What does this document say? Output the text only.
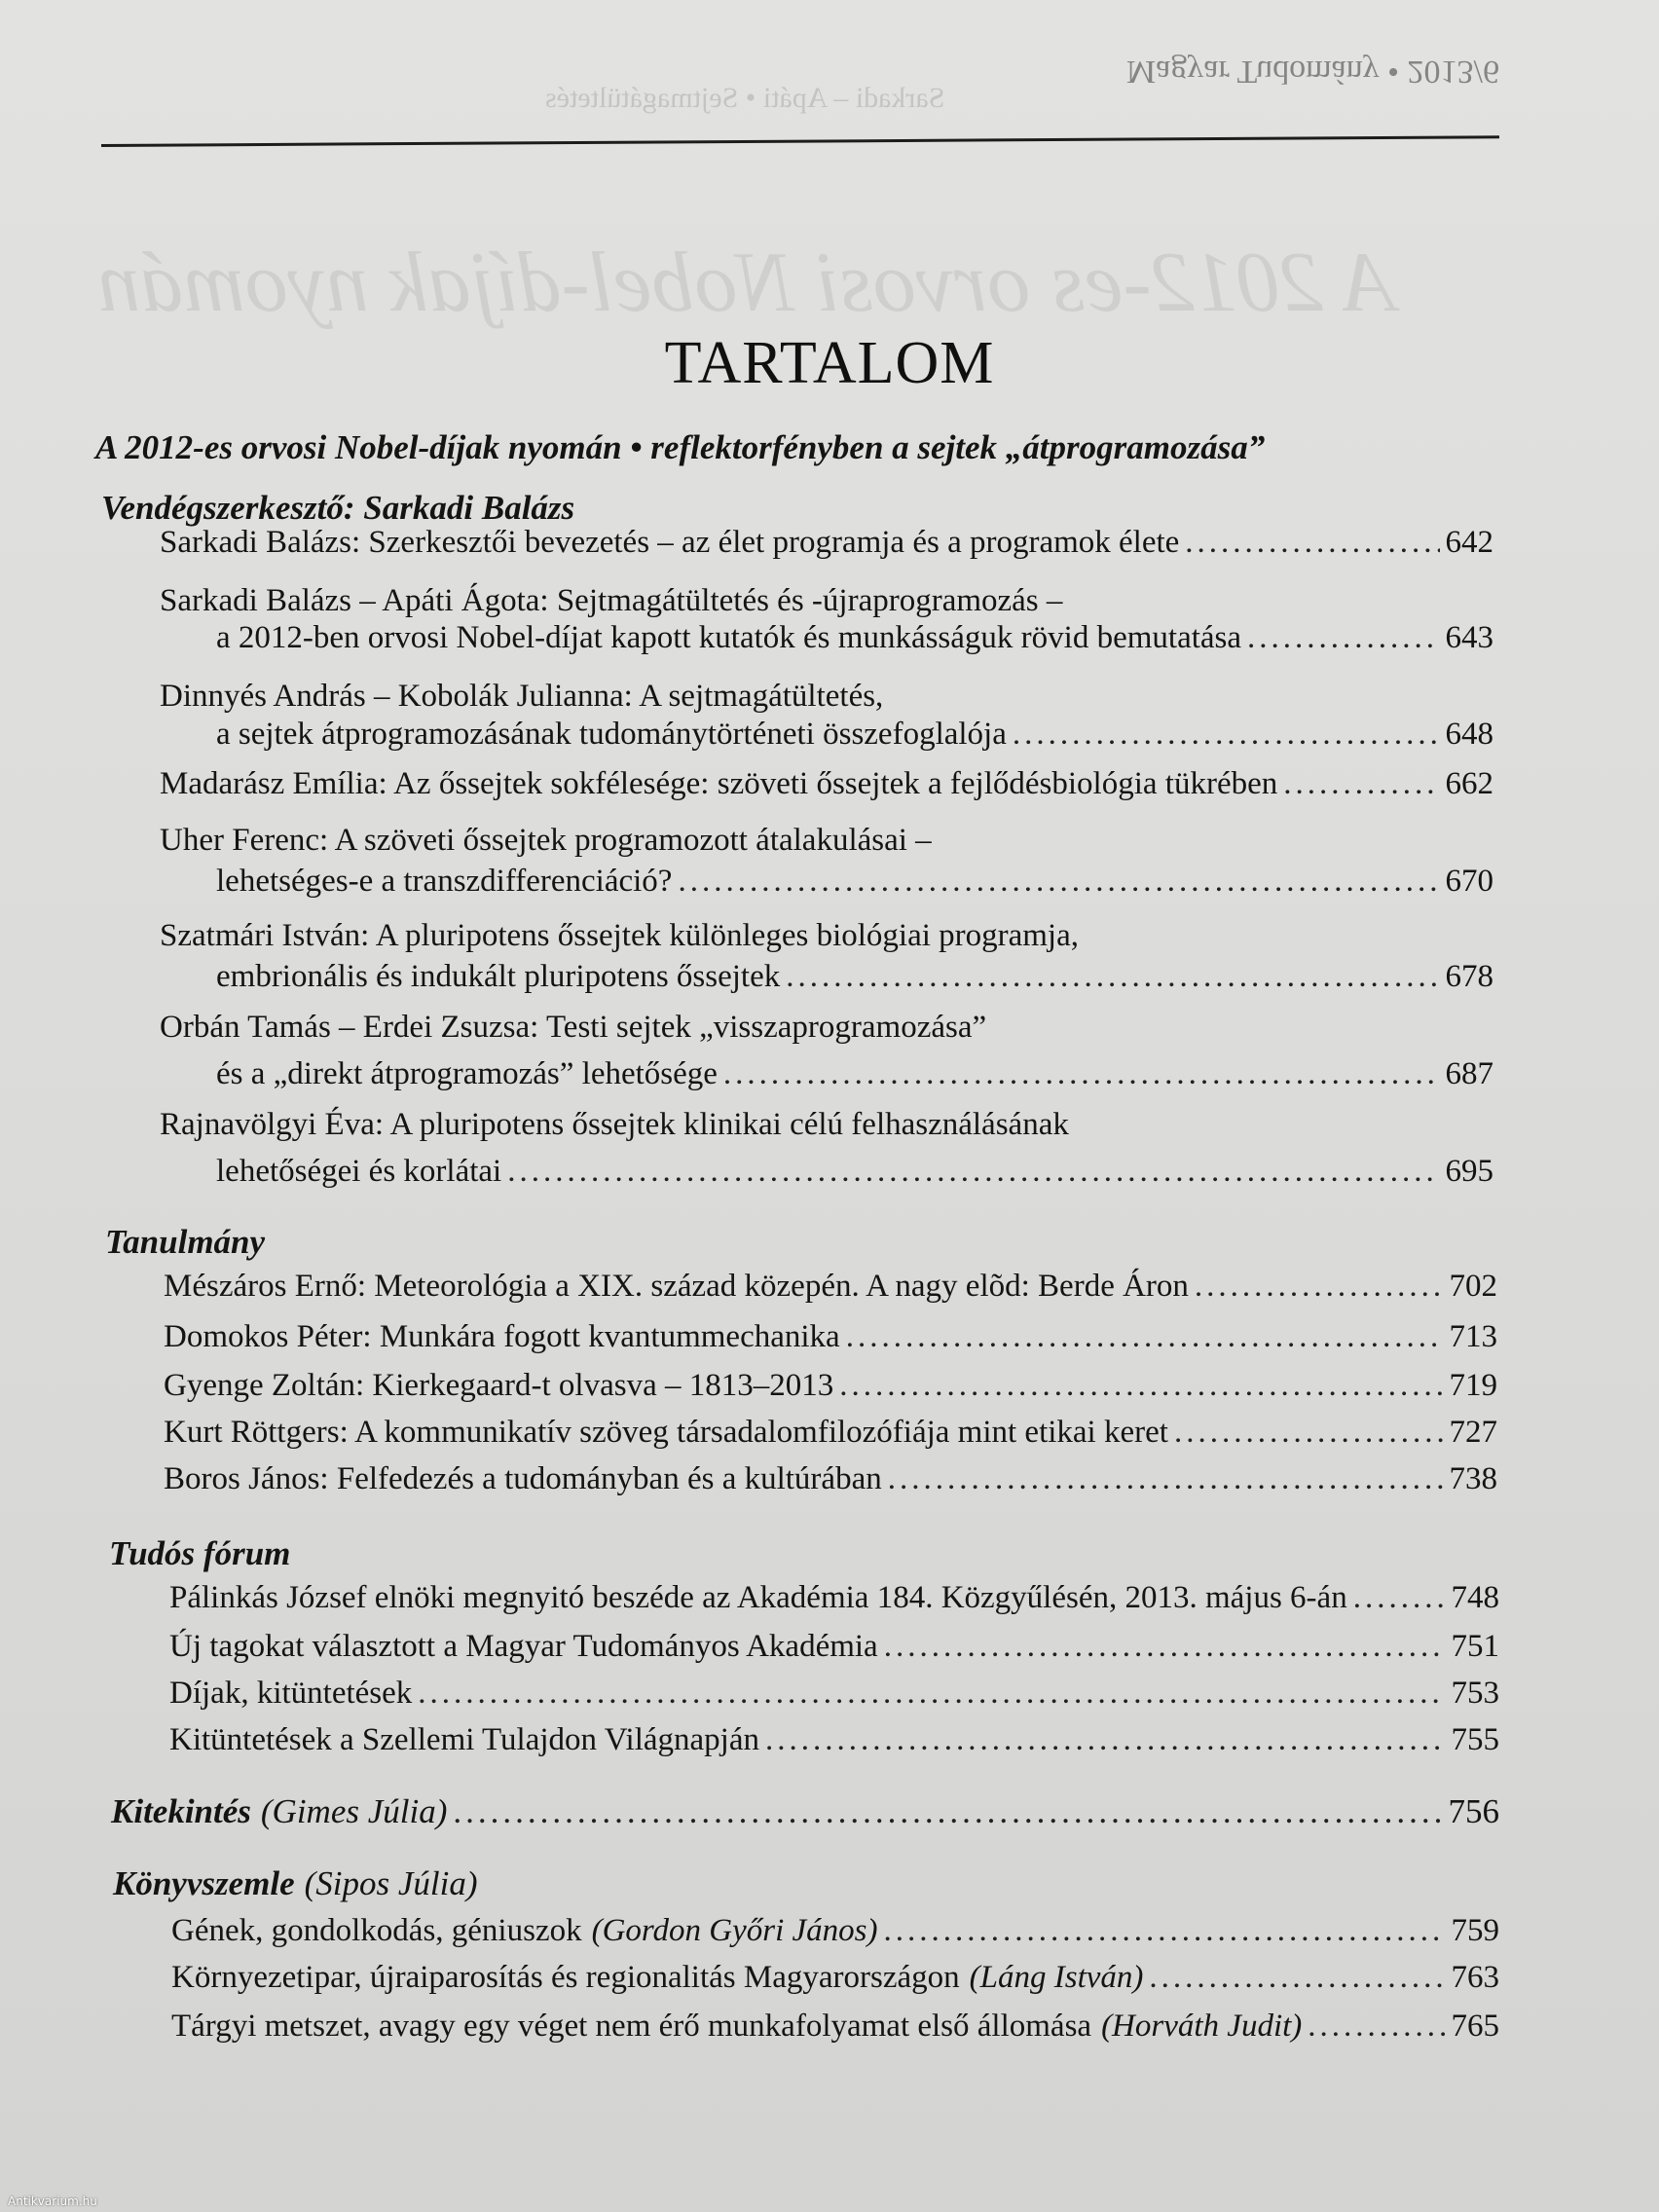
Magyar Tudomány • 2013/6
Sarkadi – Apáti • Sejtmagátültetés
A 2012-es orvosi Nobel-díjak nyomán
TARTALOM
A 2012-es orvosi Nobel-díjak nyomán • reflektorfényben a sejtek „átprogramozása”
Vendégszerkesztő: Sarkadi Balázs
Sarkadi Balázs: Szerkesztői bevezetés – az élet programja és a programok élete .....	642
Sarkadi Balázs – Apáti Ágota: Sejtmagátültetés és -újraprogramozás –
a 2012-ben orvosi Nobel-díjat kapott kutatók és munkásságuk rövid bemutatása .....	643
Dinnyés András – Kobolák Julianna: A sejtmagátültetés,
a sejtek átprogramozásának tudománytörténeti összefoglalója .....	648
Madarász Emília: Az őssejtek sokfélesége: szöveti őssejtek a fejlődésbiológia tükrében .....	662
Uher Ferenc: A szöveti őssejtek programozott átalakulásai –
lehetséges-e a transzdifferenciáció? .....	670
Szatmári István: A pluripotens őssejtek különleges biológiai programja,
embrionális és indukált pluripotens őssejtek .....	678
Orbán Tamás – Erdei Zsuzsa: Testi sejtek „visszaprogramozása”
és a „direkt átprogramozás” lehetősége .....	687
Rajnavölgyi Éva: A pluripotens őssejtek klinikai célú felhasználásának
lehetőségei és korlátai .....	695
Tanulmány
Mészáros Ernő: Meteorológia a XIX. század közepén. A nagy elõd: Berde Áron .....	702
Domokos Péter: Munkára fogott kvantummechanika .....	713
Gyenge Zoltán: Kierkegaard-t olvasva – 1813–2013 .....	719
Kurt Röttgers: A kommunikatív szöveg társadalomfilozófiája mint etikai keret .....	727
Boros János: Felfedezés a tudományban és a kultúrában .....	738
Tudós fórum
Pálinkás József elnöki megnyitó beszéde az Akadémia 184. Közgyűlésén, 2013. május 6-án .....	748
Új tagokat választott a Magyar Tudományos Akadémia .....	751
Díjak, kitüntetések .....	753
Kitüntetések a Szellemi Tulajdon Világnapján .....	755
Kitekintés (Gimes Júlia) .....	756
Könyvszemle (Sipos Júlia)
Gének, gondolkodás, géniuszok (Gordon Győri János) .....	759
Környezetipar, újraiparosítás és regionalitás Magyarországon (Láng István) .....	763
Tárgyi metszet, avagy egy véget nem érő munkafolyamat első állomása (Horváth Judit) .....	765
Antikvarium.hu
